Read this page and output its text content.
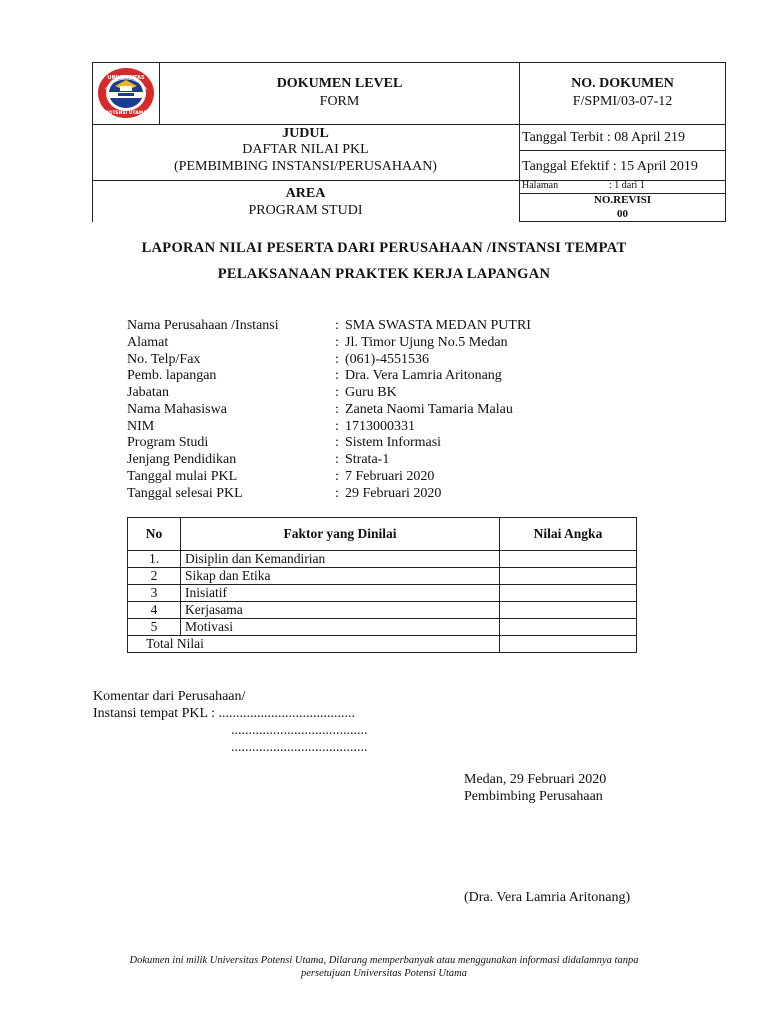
UNIVERSITAS
POTENSI UTAMA
DOKUMEN LEVEL
FORM
NO. DOKUMEN
F/SPMI/03-07-12
JUDUL
DAFTAR NILAI PKL
(PEMBIMBING INSTANSI/PERUSAHAAN)
Tanggal Terbit : 08 April 219
Tanggal Efektif : 15 April 2019
AREA
PROGRAM STUDI
Halaman	: 1 dari 1
NO.REVISI
00
LAPORAN NILAI PESERTA DARI PERUSAHAAN /INSTANSI TEMPAT
PELAKSANAAN PRAKTEK KERJA LAPANGAN
Nama Perusahaan /Instansi	: SMA SWASTA MEDAN PUTRI
Alamat	: Jl. Timor Ujung No.5 Medan
No. Telp/Fax	: (061)-4551536
Pemb. lapangan	: Dra. Vera Lamria Aritonang
Jabatan	: Guru BK
Nama Mahasiswa	: Zaneta Naomi Tamaria Malau
NIM	: 1713000331
Program Studi	: Sistem Informasi
Jenjang Pendidikan	: Strata-1
Tanggal mulai PKL	: 7 Februari 2020
Tanggal selesai PKL	: 29 Februari 2020
No	Faktor yang Dinilai	Nilai Angka
1.	Disiplin dan Kemandirian	
2	Sikap dan Etika	
3	Inisiatif	
4	Kerjasama	
5	Motivasi	
Total Nilai		
Komentar dari Perusahaan/
Instansi tempat PKL : .......................................
.......................................
.......................................
Medan, 29 Februari 2020
Pembimbing Perusahaan
(Dra. Vera Lamria Aritonang)
Dokumen ini milik Universitas Potensi Utama, Dilarang memperbanyak atau menggunakan informasi didalamnya tanpa
persetujuan Universitas Potensi Utama
